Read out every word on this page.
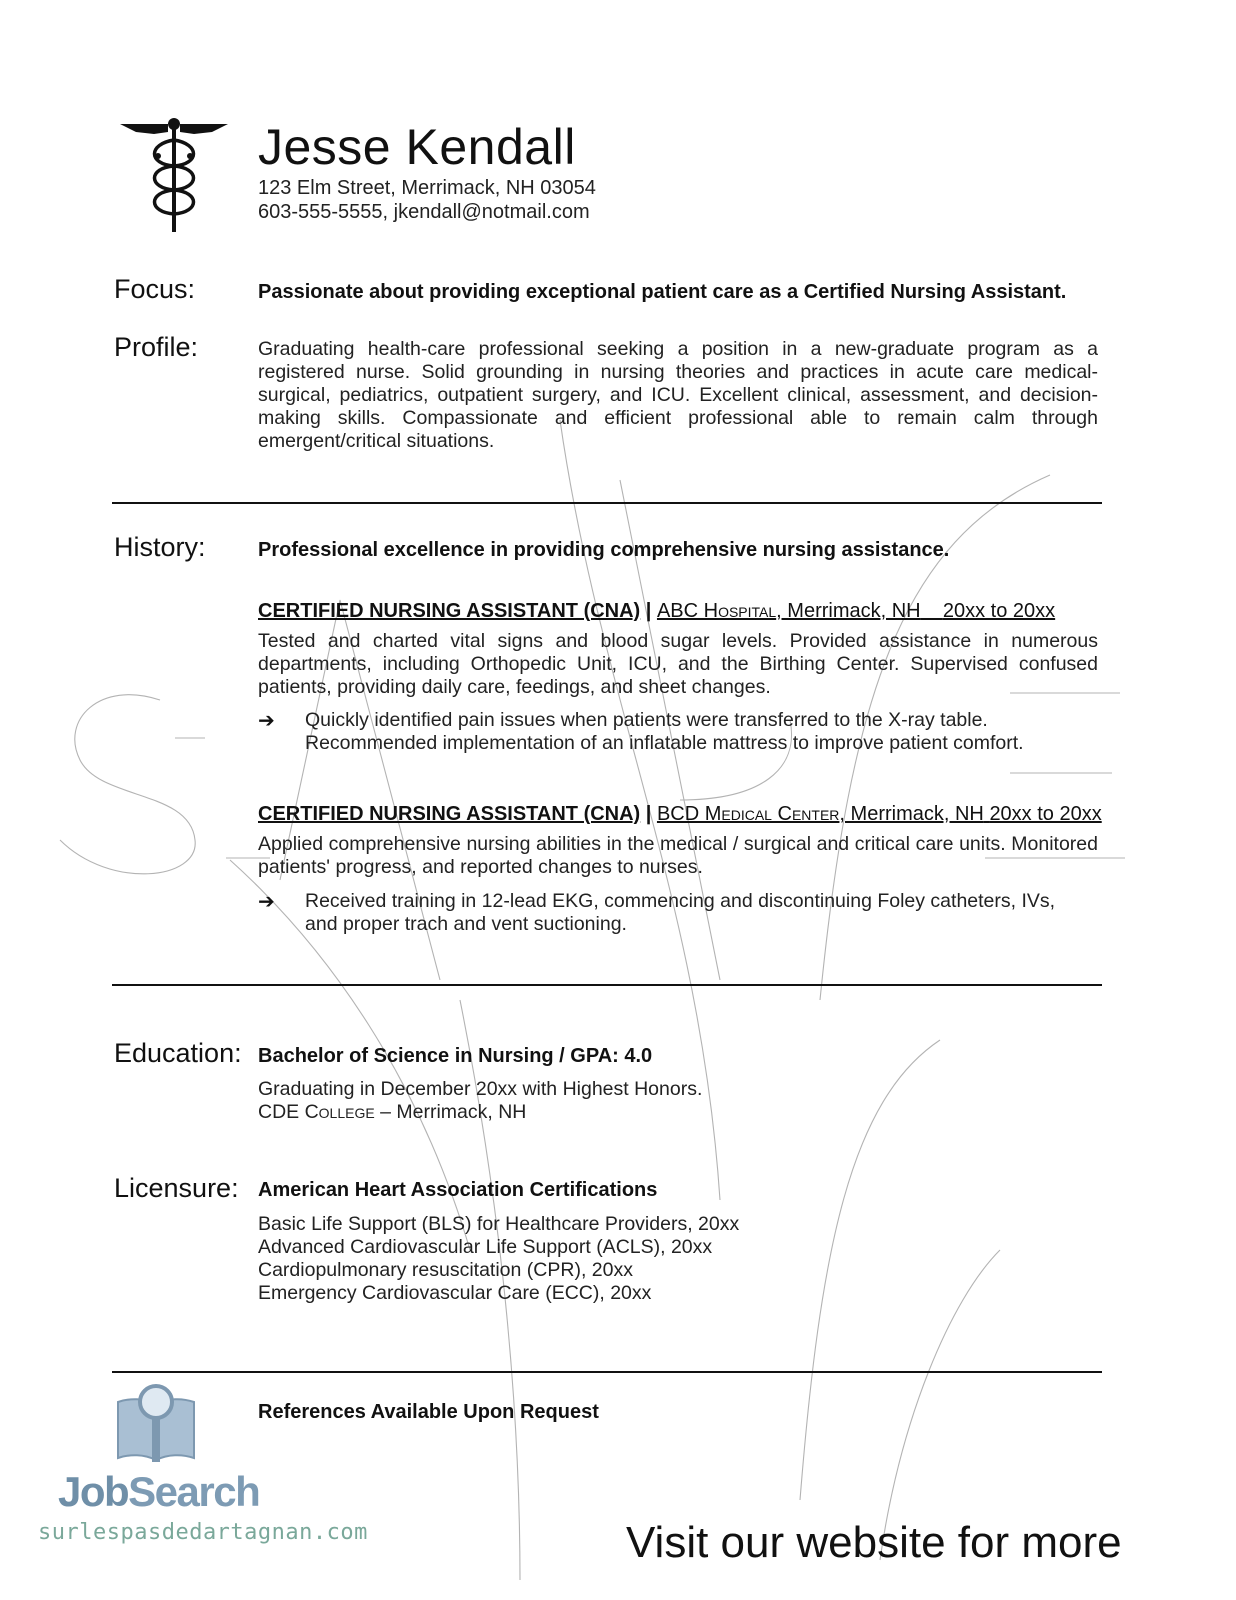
Jesse Kendall
123 Elm Street, Merrimack, NH 03054
603-555-5555, jkendall@notmail.com
Focus:	Passionate about providing exceptional patient care as a Certified Nursing Assistant.
Profile:	Graduating health-care professional seeking a position in a new-graduate program as a registered nurse. Solid grounding in nursing theories and practices in acute care medical-surgical, pediatrics, outpatient surgery, and ICU. Excellent clinical, assessment, and decision-making skills. Compassionate and efficient professional able to remain calm through emergent/critical situations.
History:	Professional excellence in providing comprehensive nursing assistance.
CERTIFIED NURSING ASSISTANT (CNA) | ABC Hospital, Merrimack, NH 20xx to 20xx
Tested and charted vital signs and blood sugar levels. Provided assistance in numerous departments, including Orthopedic Unit, ICU, and the Birthing Center. Supervised confused patients, providing daily care, feedings, and sheet changes.
➔ Quickly identified pain issues when patients were transferred to the X-ray table. Recommended implementation of an inflatable mattress to improve patient comfort.
CERTIFIED NURSING ASSISTANT (CNA) | BCD Medical Center, Merrimack, NH 20xx to 20xx
Applied comprehensive nursing abilities in the medical / surgical and critical care units. Monitored patients' progress, and reported changes to nurses.
➔ Received training in 12-lead EKG, commencing and discontinuing Foley catheters, IVs, and proper trach and vent suctioning.
Education: Bachelor of Science in Nursing / GPA: 4.0
Graduating in December 20xx with Highest Honors.
CDE College – Merrimack, NH
Licensure: American Heart Association Certifications
Basic Life Support (BLS) for Healthcare Providers, 20xx
Advanced Cardiovascular Life Support (ACLS), 20xx
Cardiopulmonary resuscitation (CPR), 20xx
Emergency Cardiovascular Care (ECC), 20xx
References Available Upon Request
JobSearch
surlespasdedartagnan.com	Visit our website for more
